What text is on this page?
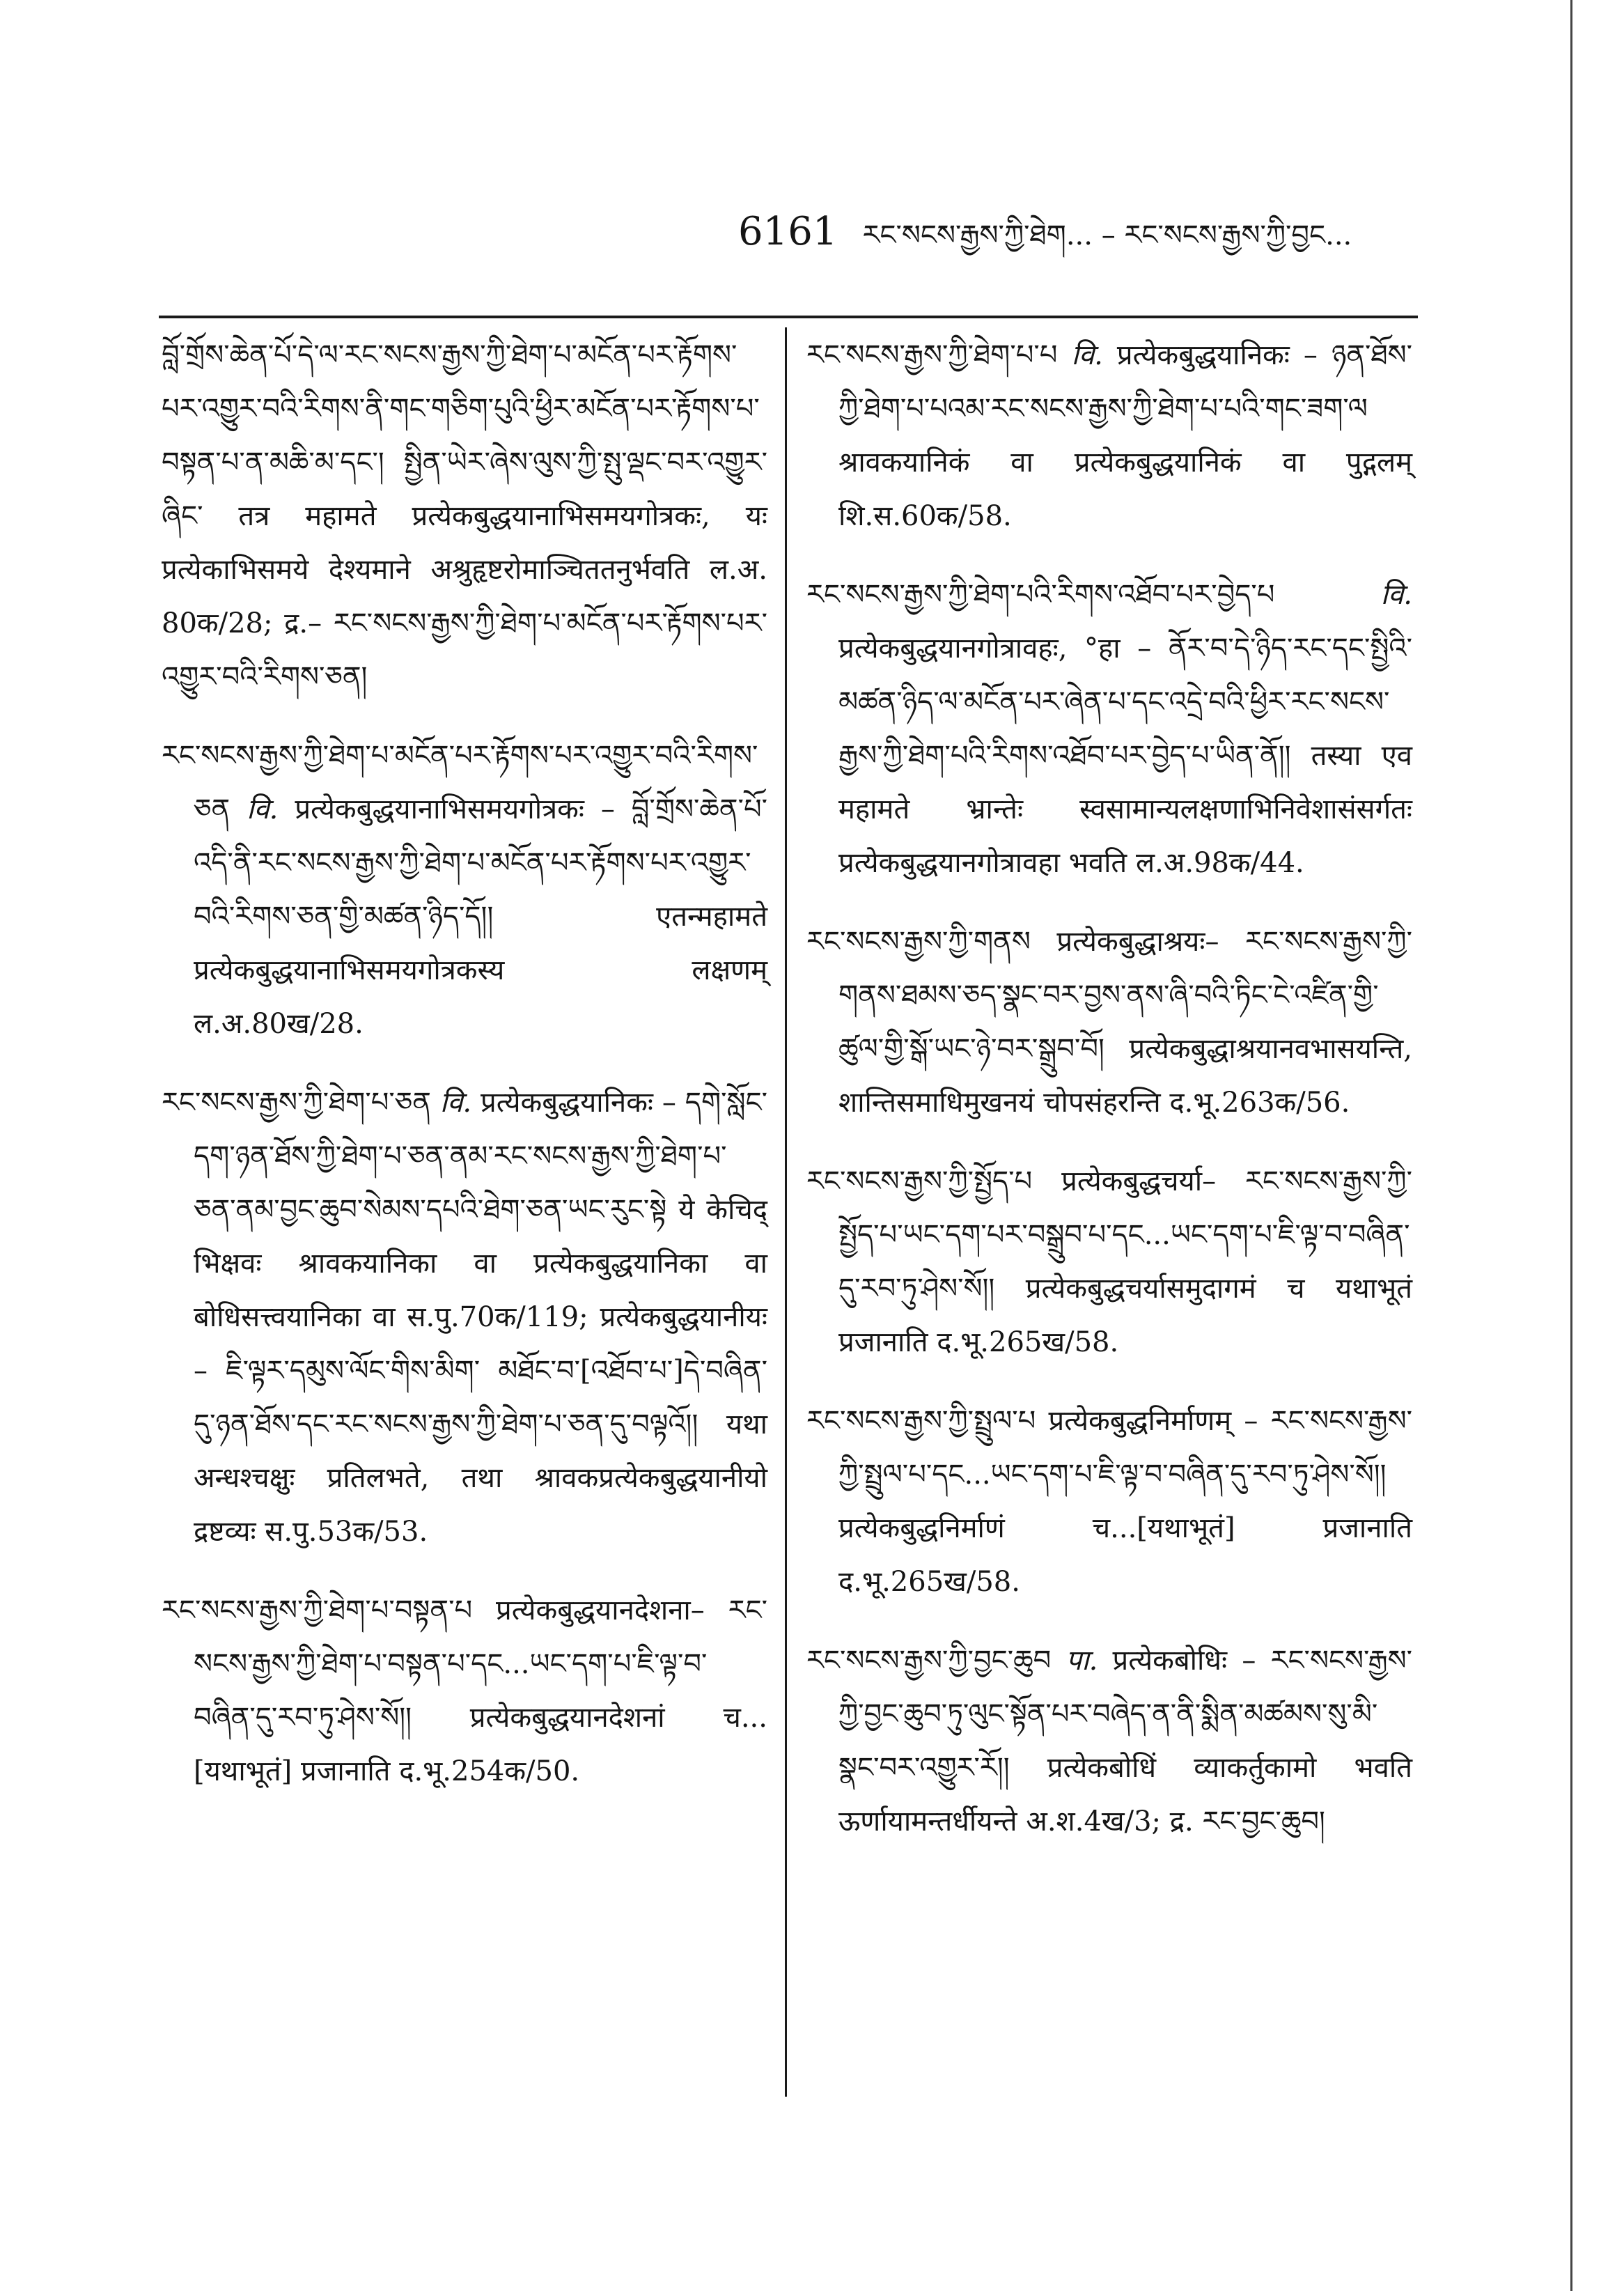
6161 རང་སངས་རྒྱས་ཀྱི་ཐེག... – རང་སངས་རྒྱས་ཀྱི་བྱང...

བློ་གྲོས་ཆེན་པོ་དེ་ལ་རང་སངས་རྒྱས་ཀྱི་ཐེག་པ་མངོན་པར་རྟོགས་པར་འགྱུར་བའི་རིགས་ནི་གང་གཅིག་པུའི་ཕྱིར་མངོན་པར་རྟོགས་པ་བསྟན་པ་ན་མཆི་མ་དང་། སྤྱིན་ཡེར་ཞེས་ལུས་ཀྱི་སྤུ་ལྡང་བར་འགྱུར་ཞིང་ तत्र महामते प्रत्येकबुद्धयानाभिसमयगोत्रकः, यः प्रत्येकाभिसमये देश्यमाने अश्रुहृष्टरोमाञ्चिततनुर्भवति ल.अ. 80क/28; द्र.– རང་སངས་རྒྱས་ཀྱི་ཐེག་པ་མངོན་པར་རྟོགས་པར་འགྱུར་བའི་རིགས་ཅན།

རང་སངས་རྒྱས་ཀྱི་ཐེག་པ་མངོན་པར་རྟོགས་པར་འགྱུར་བའི་རིགས་ཅན वि. प्रत्येकबुद्धयानाभिसमयगोत्रकः – བློ་གྲོས་ཆེན་པོ་འདི་ནི་རང་སངས་རྒྱས་ཀྱི་ཐེག་པ་མངོན་པར་རྟོགས་པར་འགྱུར་བའི་རིགས་ཅན་གྱི་མཚན་ཉིད་དོ།། एतन्महामते प्रत्येकबुद्धयानाभिसमयगोत्रकस्य लक्षणम् ल.अ.80ख/28.

རང་སངས་རྒྱས་ཀྱི་ཐེག་པ་ཅན वि. प्रत्येकबुद्धयानिकः – དགེ་སློང་དག་ཉན་ཐོས་ཀྱི་ཐེག་པ་ཅན་ནམ་རང་སངས་རྒྱས་ཀྱི་ཐེག་པ་ཅན་ནམ་བྱང་ཆུབ་སེམས་དཔའི་ཐེག་ཅན་ཡང་རུང་སྟེ ये केचिद् भिक्षवः श्रावकयानिका वा प्रत्येकबुद्धयानिका वा बोधिसत्त्वयानिका वा स.पु.70क/119; प्रत्येकबुद्धयानीयः – ཇི་ལྟར་དམུས་ལོང་གིས་མིག་ མཐོང་བ་[འཐོབ་པ་]དེ་བཞིན་དུ་ཉན་ཐོས་དང་རང་སངས་རྒྱས་ཀྱི་ཐེག་པ་ཅན་དུ་བལྟའོ།། यथा अन्धश्चक्षुः प्रतिलभते, तथा श्रावकप्रत्येकबुद्धयानीयो द्रष्टव्यः स.पु.53क/53.

རང་སངས་རྒྱས་ཀྱི་ཐེག་པ་བསྟན་པ प्रत्येकबुद्धयानदेशना– རང་སངས་རྒྱས་ཀྱི་ཐེག་པ་བསྟན་པ་དང...ཡང་དག་པ་ཇི་ལྟ་བ་བཞིན་དུ་རབ་ཏུ་ཤེས་སོ།། प्रत्येकबुद्धयानदेशनां च... [यथाभूतं] प्रजानाति द.भू.254क/50.

རང་སངས་རྒྱས་ཀྱི་ཐེག་པ་པ वि. प्रत्येकबुद्धयानिकः – ཉན་ཐོས་ཀྱི་ཐེག་པ་པའམ་རང་སངས་རྒྱས་ཀྱི་ཐེག་པ་པའི་གང་ཟག་ལ श्रावकयानिकं वा प्रत्येकबुद्धयानिकं वा पुद्गलम् शि.स.60क/58.

རང་སངས་རྒྱས་ཀྱི་ཐེག་པའི་རིགས་འཐོབ་པར་བྱེད་པ	वि. प्रत्येकबुद्धयानगोत्रावहः, °हा – ནོར་བ་དེ་ཉིད་རང་དང་སྤྱིའི་མཚན་ཉིད་ལ་མངོན་པར་ཞེན་པ་དང་འདྲེ་བའི་ཕྱིར་རང་སངས་རྒྱས་ཀྱི་ཐེག་པའི་རིགས་འཐོབ་པར་བྱེད་པ་ཡིན་ནོ།། तस्या एव महामते भ्रान्तेः स्वसामान्यलक्षणाभिनिवेशासंसर्गतः प्रत्येकबुद्धयानगोत्रावहा भवति ल.अ.98क/44.

རང་སངས་རྒྱས་ཀྱི་གནས प्रत्येकबुद्धाश्रयः– རང་སངས་རྒྱས་ཀྱི་གནས་ཐམས་ཅད་སྣང་བར་བྱས་ནས་ཞི་བའི་ཏིང་ངེ་འཛིན་གྱི་ཚུལ་གྱི་སྒོ་ཡང་ཉེ་བར་སྒྲུབ་བོ། प्रत्येकबुद्धाश्रयानवभासयन्ति, शान्तिसमाधिमुखनयं चोपसंहरन्ति द.भू.263क/56.

རང་སངས་རྒྱས་ཀྱི་སྤྱོད་པ प्रत्येकबुद्धचर्या– རང་སངས་རྒྱས་ཀྱི་སྤྱོད་པ་ཡང་དག་པར་བསྒྲུབ་པ་དང...ཡང་དག་པ་ཇི་ལྟ་བ་བཞིན་དུ་རབ་ཏུ་ཤེས་སོ།། प्रत्येकबुद्धचर्यासमुदागमं च यथाभूतं प्रजानाति द.भू.265ख/58.

རང་སངས་རྒྱས་ཀྱི་སྤྲུལ་པ प्रत्येकबुद्धनिर्माणम् – རང་སངས་རྒྱས་ཀྱི་སྤྲུལ་པ་དང...ཡང་དག་པ་ཇི་ལྟ་བ་བཞིན་དུ་རབ་ཏུ་ཤེས་སོ།། प्रत्येकबुद्धनिर्माणं च...[यथाभूतं] प्रजानाति द.भू.265ख/58.

རང་སངས་རྒྱས་ཀྱི་བྱང་ཆུབ पा. प्रत्येकबोधिः – རང་སངས་རྒྱས་ཀྱི་བྱང་ཆུབ་ཏུ་ལུང་སྟོན་པར་བཞེད་ན་ནི་སྨིན་མཚམས་སུ་མི་སྣང་བར་འགྱུར་རོ།། प्रत्येकबोधिं व्याकर्तुकामो भवति ऊर्णायामन्तर्धीयन्ते अ.श.4ख/3; द्र. རང་བྱང་ཆུབ།
